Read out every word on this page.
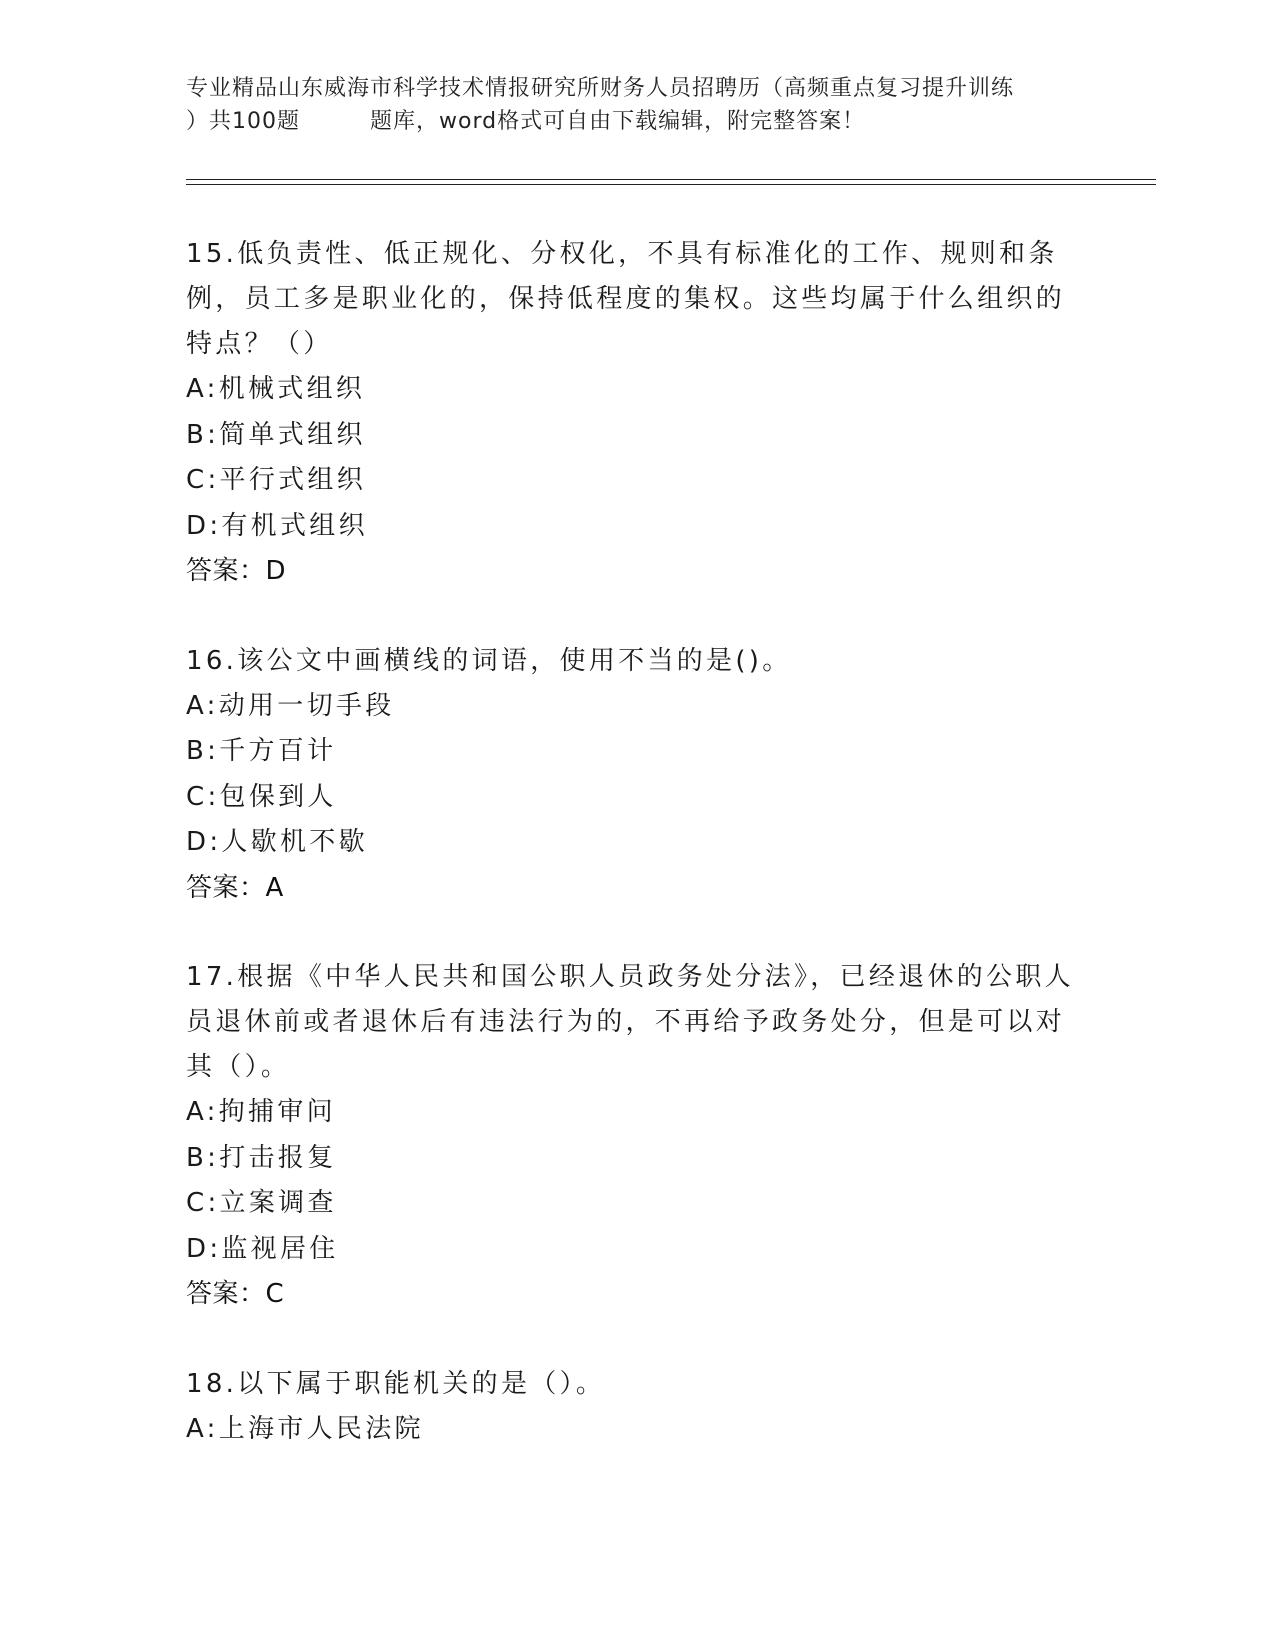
专业精品山东威海市科学技术情报研究所财务人员招聘历（高频重点复习提升训练
）共100题	题库，word格式可自由下载编辑，附完整答案！

15.低负责性、低正规化、分权化，不具有标准化的工作、规则和条例，员工多是职业化的，保持低程度的集权。这些均属于什么组织的特点？（）

A:机械式组织

B:简单式组织

C:平行式组织

D:有机式组织

答案：D

16.该公文中画横线的词语，使用不当的是()。

A:动用一切手段

B:千方百计

C:包保到人

D:人歇机不歇

答案：A

17.根据《中华人民共和国公职人员政务处分法》，已经退休的公职人员退休前或者退休后有违法行为的，不再给予政务处分，但是可以对其（）。

A:拘捕审问

B:打击报复

C:立案调查

D:监视居住

答案：C

18.以下属于职能机关的是（）。

A:上海市人民法院
